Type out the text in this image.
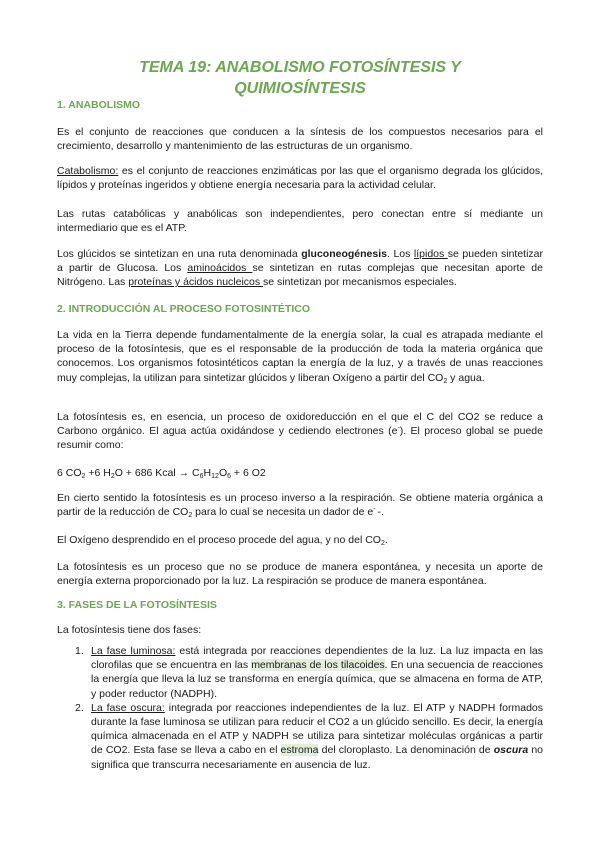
TEMA 19: ANABOLISMO FOTOSÍNTESIS Y
QUIMIOSÍNTESIS
1. ANABOLISMO

Es el conjunto de reacciones que conducen a la síntesis de los compuestos necesarios para el crecimiento, desarrollo y mantenimiento de las estructuras de un organismo.

Catabolismo: es el conjunto de reacciones enzimáticas por las que el organismo degrada los glúcidos, lípidos y proteínas ingeridos y obtiene energía necesaria para la actividad celular.

Las rutas catabólicas y anabólicas son independientes, pero conectan entre sí mediante un intermediario que es el ATP.

Los glúcidos se sintetizan en una ruta denominada gluconeogénesis. Los lípidos se pueden sintetizar a partir de Glucosa. Los aminoácidos se sintetizan en rutas complejas que necesitan aporte de Nitrógeno. Las proteínas y ácidos nucleicos se sintetizan por mecanismos especiales.

2. INTRODUCCIÓN AL PROCESO FOTOSINTÉTICO

La vida en la Tierra depende fundamentalmente de la energía solar, la cual es atrapada mediante el proceso de la fotosíntesis, que es el responsable de la producción de toda la materia orgánica que conocemos. Los organismos fotosintéticos captan la energía de la luz, y a través de unas reacciones muy complejas, la utilizan para sintetizar glúcidos y liberan Oxígeno a partir del $CO_2$ y agua.

La fotosíntesis es, en esencia, un proceso de oxidoreducción en el que el C del CO2 se reduce a Carbono orgánico. El agua actúa oxidándose y cediendo electrones (e-). El proceso global se puede resumir como:

6 $CO_2 +6$ $H_2O + 686$ Kcal → $C_6H_{12}O_6 + 6$ O2

En cierto sentido la fotosíntesis es un proceso inverso a la respiración. Se obtiene materia orgánica a partir de la reducción de $CO_2$ para lo cual se necesita un dador de e- -.

El Oxígeno desprendido en el proceso procede del agua, y no del $CO_2$.

La fotosíntesis es un proceso que no se produce de manera espontánea, y necesita un aporte de energía externa proporcionado por la luz. La respiración se produce de manera espontánea.

3. FASES DE LA FOTOSÍNTESIS

La fotosíntesis tiene dos fases:

1. La fase luminosa: está integrada por reacciones dependientes de la luz. La luz impacta en las clorofilas que se encuentra en las membranas de los tilacoides. En una secuencia de reacciones la energía que lleva la luz se transforma en energía química, que se almacena en forma de ATP, y poder reductor (NADPH).
2. La fase oscura: integrada por reacciones independientes de la luz. El ATP y NADPH formados durante la fase luminosa se utilizan para reducir el CO2 a un glúcido sencillo. Es decir, la energía química almacenada en el ATP y NADPH se utiliza para sintetizar moléculas orgánicas a partir de CO2. Esta fase se lleva a cabo en el estroma del cloroplasto. La denominación de oscura no significa que transcurra necesariamente en ausencia de luz.
